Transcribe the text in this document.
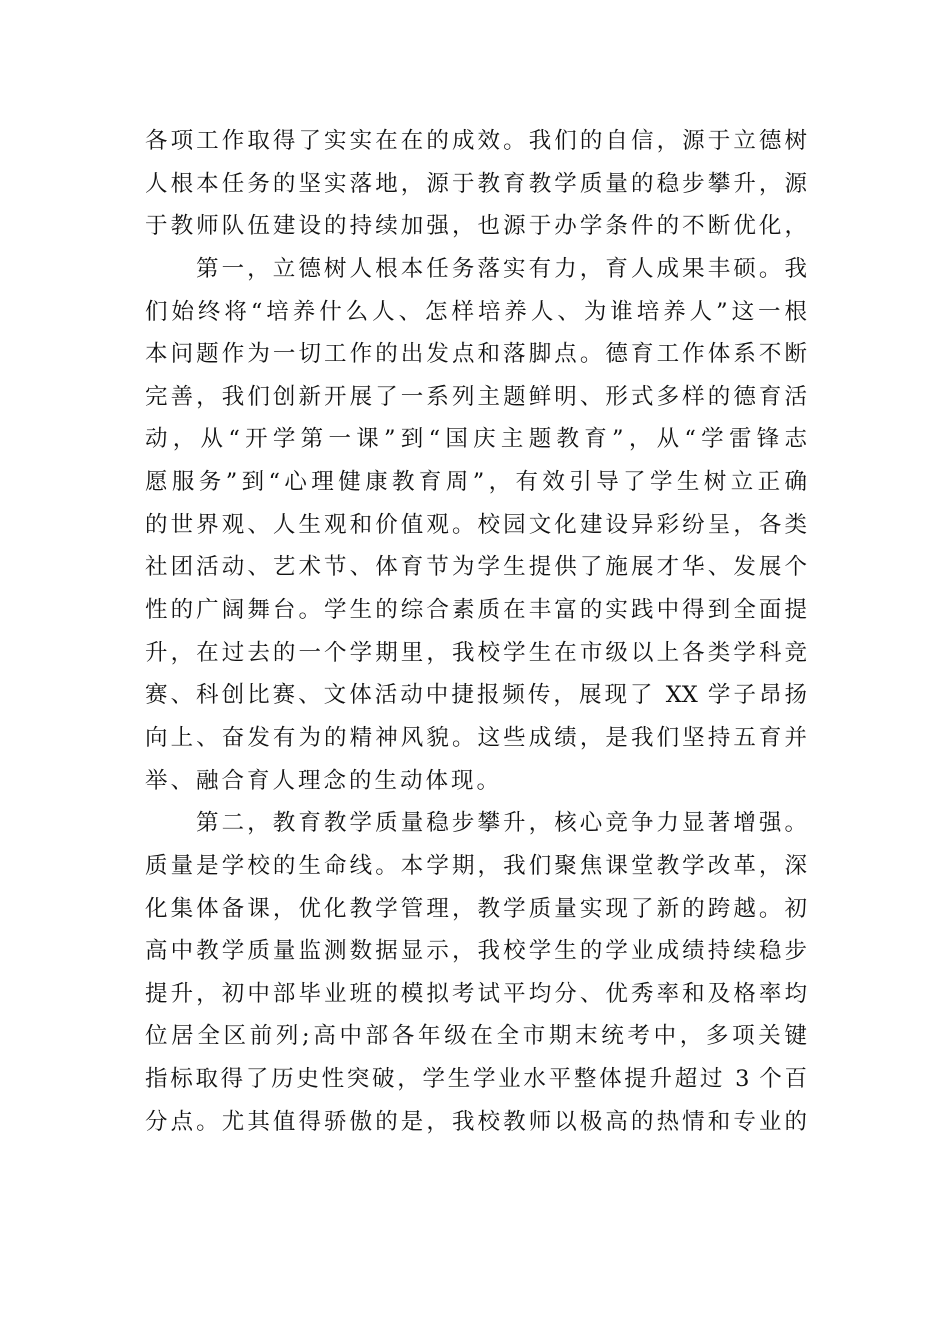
各项工作取得了实实在在的成效。我们的自信，源于立德树
人根本任务的坚实落地，源于教育教学质量的稳步攀升，源
于教师队伍建设的持续加强，也源于办学条件的不断优化，
第一，立德树人根本任务落实有力，育人成果丰硕。我
们始终将“培养什么人、怎样培养人、为谁培养人”这一根
本问题作为一切工作的出发点和落脚点。德育工作体系不断
完善，我们创新开展了一系列主题鲜明、形式多样的德育活
动，从“开学第一课”到“国庆主题教育”，从“学雷锋志
愿服务”到“心理健康教育周”，有效引导了学生树立正确
的世界观、人生观和价值观。校园文化建设异彩纷呈，各类
社团活动、艺术节、体育节为学生提供了施展才华、发展个
性的广阔舞台。学生的综合素质在丰富的实践中得到全面提
升，在过去的一个学期里，我校学生在市级以上各类学科竞
赛、科创比赛、文体活动中捷报频传，展现了 XX 学子昂扬
向上、奋发有为的精神风貌。这些成绩，是我们坚持五育并
举、融合育人理念的生动体现。
第二，教育教学质量稳步攀升，核心竞争力显著增强。
质量是学校的生命线。本学期，我们聚焦课堂教学改革，深
化集体备课，优化教学管理，教学质量实现了新的跨越。初
高中教学质量监测数据显示，我校学生的学业成绩持续稳步
提升，初中部毕业班的模拟考试平均分、优秀率和及格率均
位居全区前列;高中部各年级在全市期末统考中，多项关键
指标取得了历史性突破，学生学业水平整体提升超过 3 个百
分点。尤其值得骄傲的是，我校教师以极高的热情和专业的
